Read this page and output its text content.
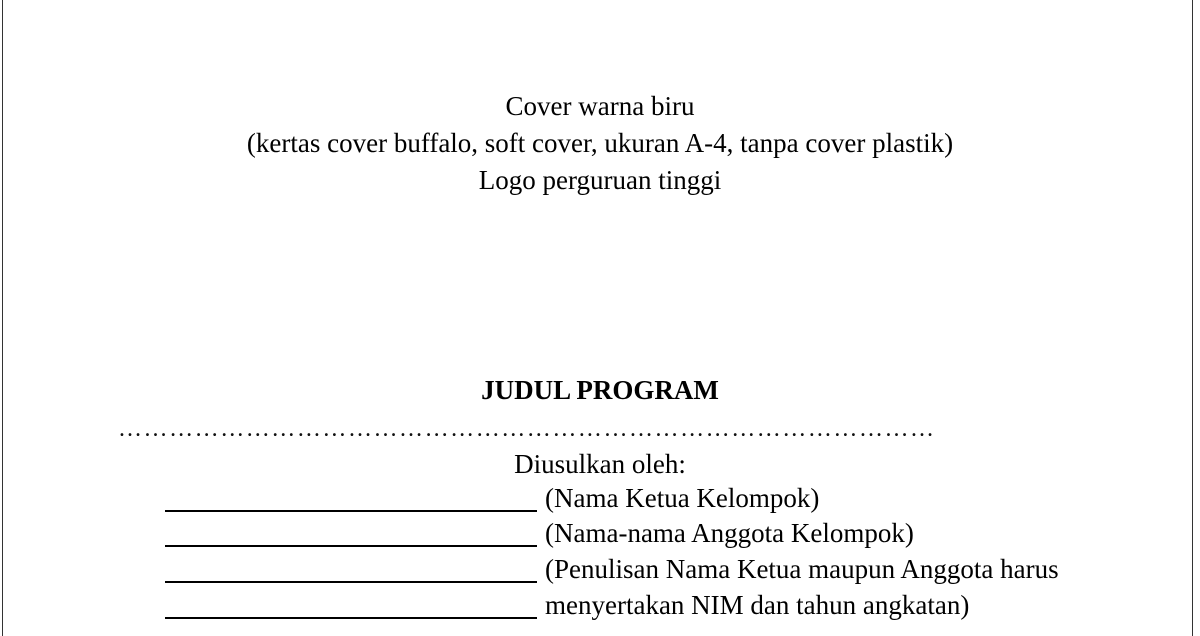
Cover warna biru
(kertas cover buffalo, soft cover, ukuran A-4, tanpa cover plastik)
Logo perguruan tinggi
JUDUL PROGRAM
……………………………………………………………………………………
Diusulkan oleh:
(Nama Ketua Kelompok)
(Nama-nama Anggota Kelompok)
(Penulisan Nama Ketua maupun Anggota harus
menyertakan NIM dan tahun angkatan)
